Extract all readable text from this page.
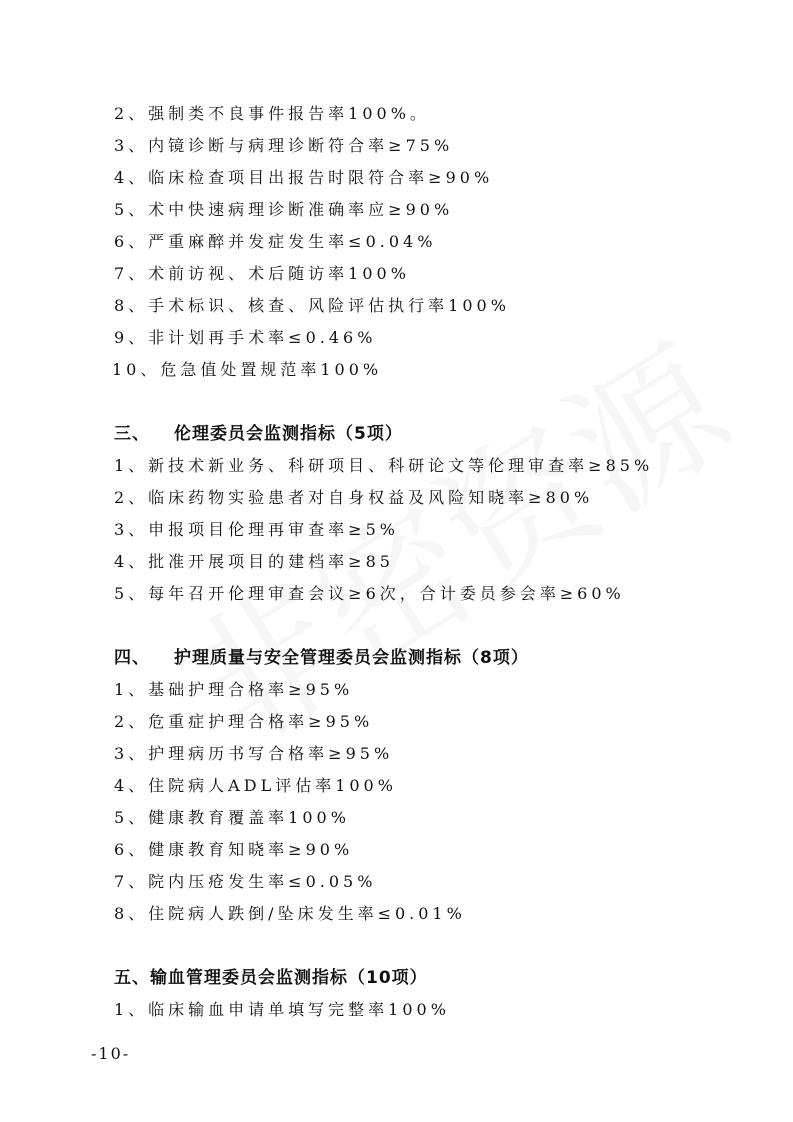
2、强制类不良事件报告率100%。
3、内镜诊断与病理诊断符合率≥75%
4、临床检查项目出报告时限符合率≥90%
5、术中快速病理诊断准确率应≥90%
6、严重麻醉并发症发生率≤0.04%
7、术前访视、术后随访率100%
8、手术标识、核查、风险评估执行率100%
9、非计划再手术率≤0.46%
10、危急值处置规范率100%
三、 伦理委员会监测指标（5项）
1、新技术新业务、科研项目、科研论文等伦理审查率≥85%
2、临床药物实验患者对自身权益及风险知晓率≥80%
3、申报项目伦理再审查率≥5%
4、批准开展项目的建档率≥85
5、每年召开伦理审查会议≥6次，合计委员参会率≥60%
四、 护理质量与安全管理委员会监测指标（8项）
1、基础护理合格率≥95%
2、危重症护理合格率≥95%
3、护理病历书写合格率≥95%
4、住院病人ADL评估率100%
5、健康教育覆盖率100%
6、健康教育知晓率≥90%
7、院内压疮发生率≤0.05%
8、住院病人跌倒/坠床发生率≤0.01%
五、输血管理委员会监测指标（10项）
1、临床输血申请单填写完整率100%
-10-
